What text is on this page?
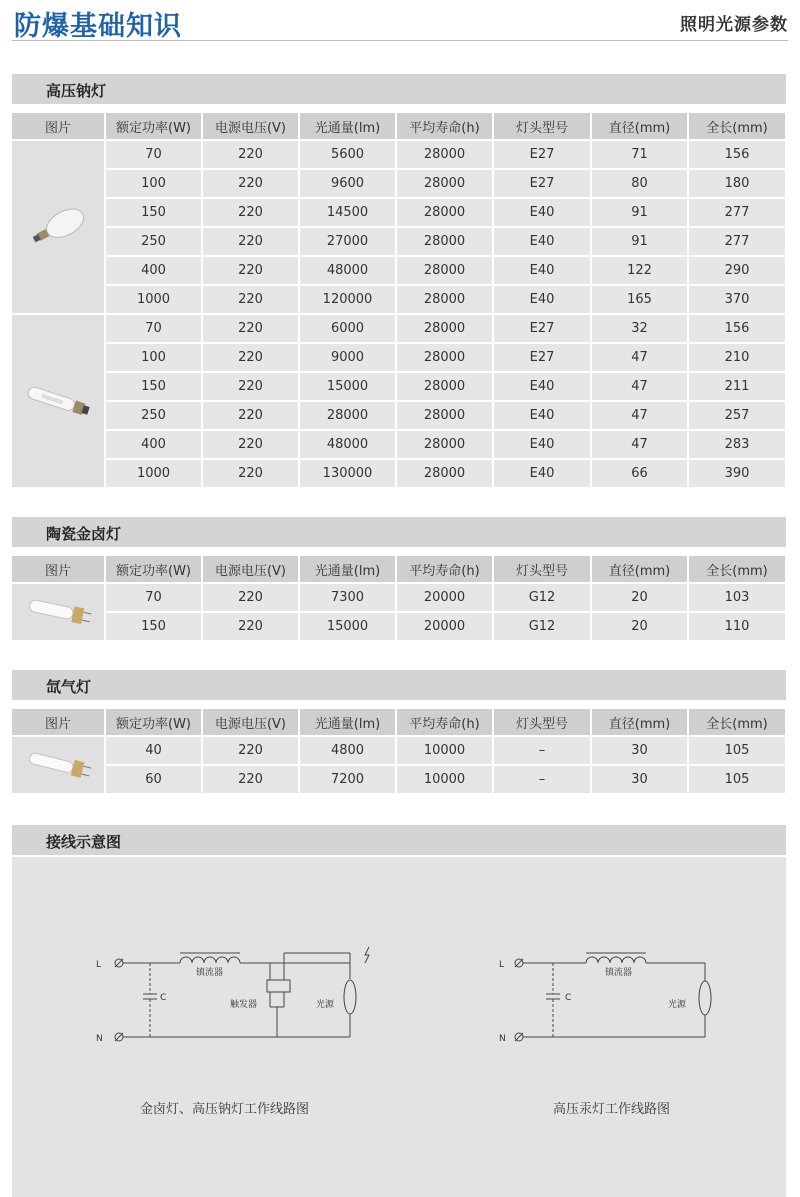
防爆基础知识	照明光源参数
高压钠灯
图片	额定功率(W)	电源电压(V)	光通量(lm)	平均寿命(h)	灯头型号	直径(mm)	全长(mm)

	70	220	5600	28000	E27	71	156
	100	220	9600	28000	E27	80	180
	150	220	14500	28000	E40	91	277
	250	220	27000	28000	E40	91	277
	400	220	48000	28000	E40	122	290
	1000	220	120000	28000	E40	165	370

	70	220	6000	28000	E27	32	156
	100	220	9000	28000	E27	47	210
	150	220	15000	28000	E40	47	211
	250	220	28000	28000	E40	47	257
	400	220	48000	28000	E40	47	283
	1000	220	130000	28000	E40	66	390
陶瓷金卤灯
图片	额定功率(W)	电源电压(V)	光通量(lm)	平均寿命(h)	灯头型号	直径(mm)	全长(mm)

	70	220	7300	20000	G12	20	103
	150	220	15000	20000	G12	20	110
氙气灯
图片	额定功率(W)	电源电压(V)	光通量(lm)	平均寿命(h)	灯头型号	直径(mm)	全长(mm)

	40	220	4800	10000	–	30	105
	60	220	7200	10000	–	30	105
接线示意图
L
N
C
镇流器
触发器	光源
L
N
C
镇流器
光源
金卤灯、高压钠灯工作线路图	高压汞灯工作线路图
